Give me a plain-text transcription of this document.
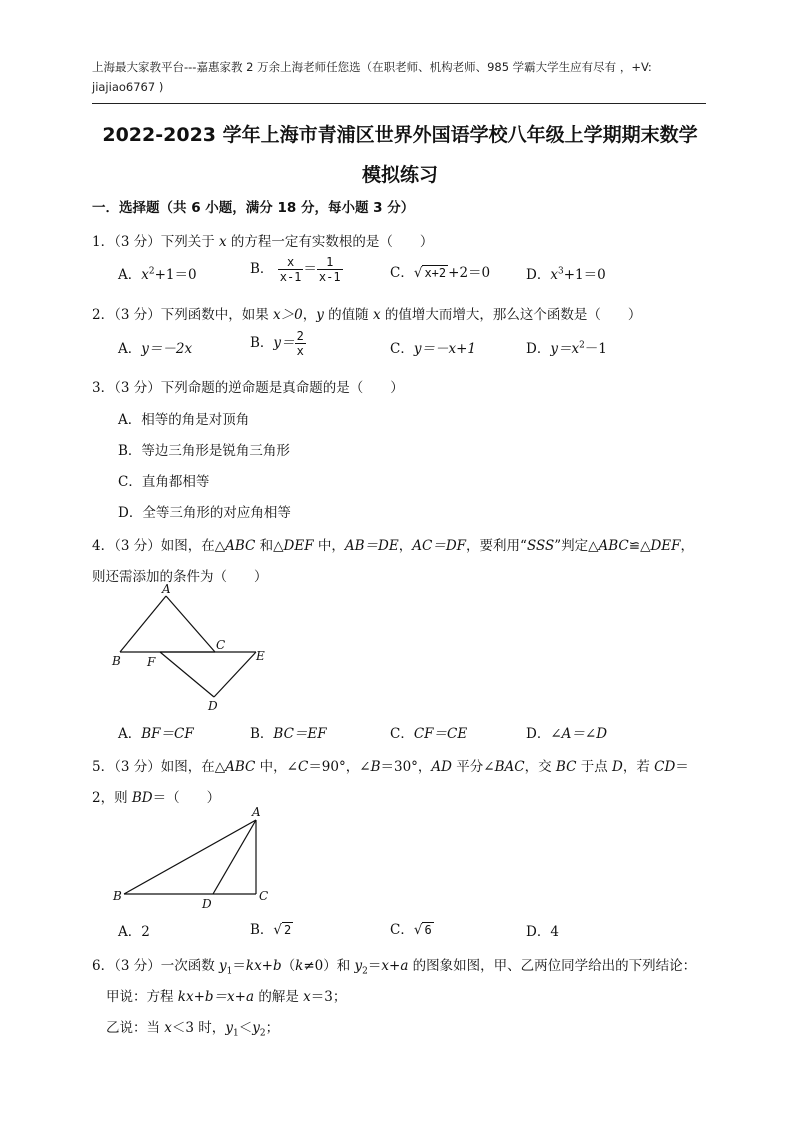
上海最大家教平台---嘉惠家教 2 万余上海老师任您选（在职老师、机构老师、985 学霸大学生应有尽有 ，+V:
jiajiao6767 )
2022-2023 学年上海市青浦区世界外国语学校八年级上学期期末数学
模拟练习
一．选择题（共 6 小题，满分 18 分，每小题 3 分）
1．（3 分）下列关于 x 的方程一定有实数根的是（　　）
A．$x^2+1=0$	B． $\frac{x}{x-1} = \frac{1}{x-1}$	C．√ x+2 +2＝0	D．$x^3+1=0$
2．（3 分）下列函数中，如果 x＞0，y 的值随 x 的值增大而增大，那么这个函数是（　　）
A．y＝－2x	B．$y= \frac{2}{x}$	C．y＝－x+1	D．$y=x^2-1$
3．（3 分）下列命题的逆命题是真命题的是（　　）
A．相等的角是对顶角
B．等边三角形是锐角三角形
C．直角都相等
D．全等三角形的对应角相等
4．（3 分）如图，在△ABC 和△DEF 中，AB＝DE，AC＝DF，要利用“SSS”判定△ABC≌△DEF，
则还需添加的条件为（　　）
A
B
C
D
E
F
A．BF＝CF	B．BC＝EF	C．CF＝CE	D．∠A＝∠D
5．（3 分）如图，在△ABC 中，∠C＝90°，∠B＝30°，AD 平分∠BAC，交 BC 于点 D，若 CD＝
2，则 BD＝（　　）
A
B	C
D
A．2	B．√ 2	C．√ 6	D．4
6．（3 分）一次函数 $y_1=kx+b(k\ne 0)$和 $y_2=x+a$ 的图象如图，甲、乙两位同学给出的下列结论：
甲说：方程 kx+b＝x+a 的解是 x＝3；
乙说：当 x＜3 时，$y_1<y_2$；
